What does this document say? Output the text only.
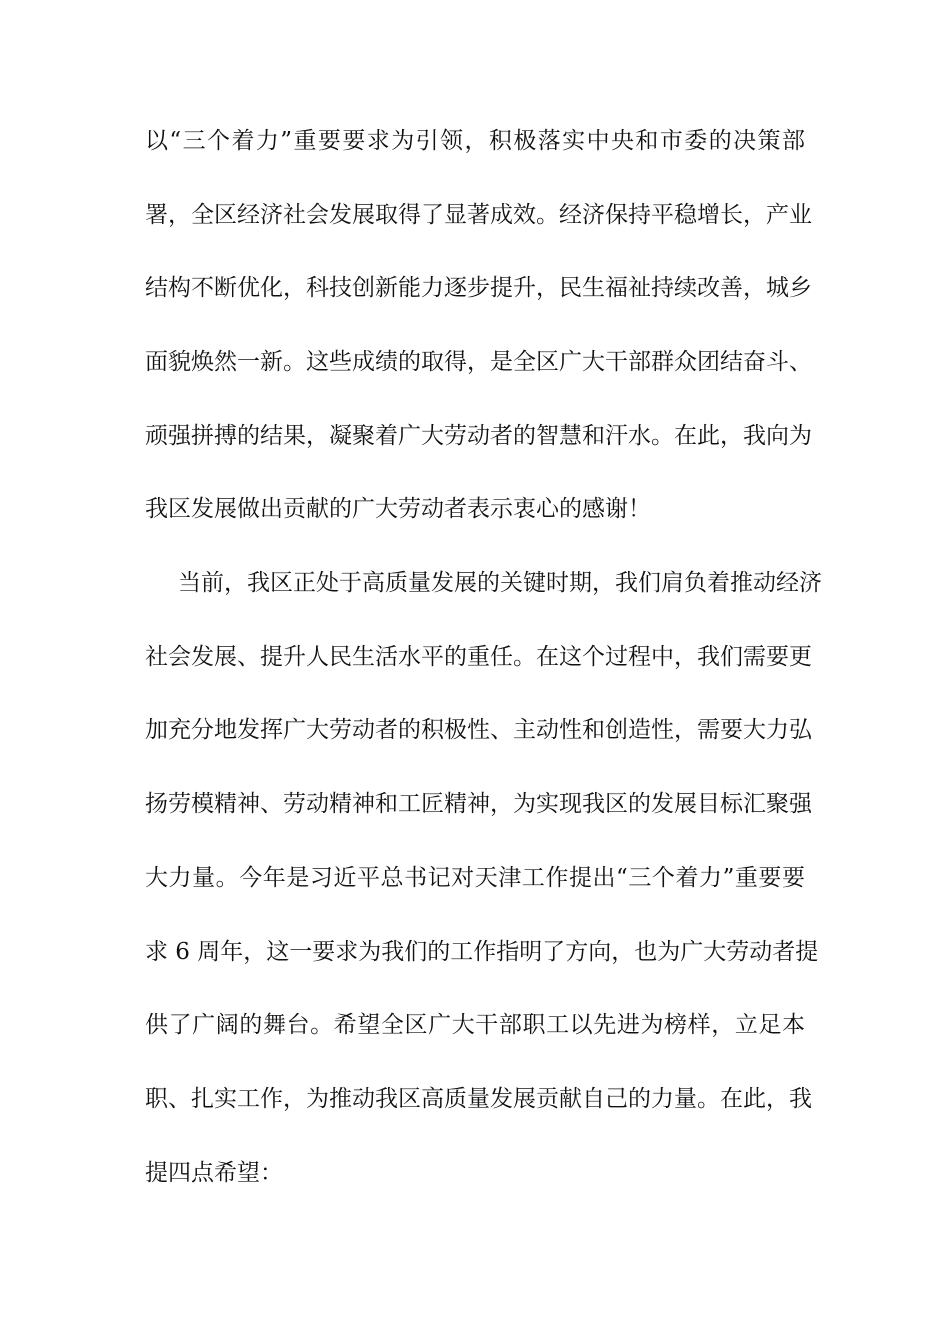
以“三个着力”重要要求为引领，积极落实中央和市委的决策部
署，全区经济社会发展取得了显著成效。经济保持平稳增长，产业
结构不断优化，科技创新能力逐步提升，民生福祉持续改善，城乡
面貌焕然一新。这些成绩的取得，是全区广大干部群众团结奋斗、
顽强拼搏的结果，凝聚着广大劳动者的智慧和汗水。在此，我向为
我区发展做出贡献的广大劳动者表示衷心的感谢！
当前，我区正处于高质量发展的关键时期，我们肩负着推动经济
社会发展、提升人民生活水平的重任。在这个过程中，我们需要更
加充分地发挥广大劳动者的积极性、主动性和创造性，需要大力弘
扬劳模精神、劳动精神和工匠精神，为实现我区的发展目标汇聚强
大力量。今年是习近平总书记对天津工作提出“三个着力”重要要
求 6 周年，这一要求为我们的工作指明了方向，也为广大劳动者提
供了广阔的舞台。希望全区广大干部职工以先进为榜样，立足本
职、扎实工作，为推动我区高质量发展贡献自己的力量。在此，我
提四点希望：
